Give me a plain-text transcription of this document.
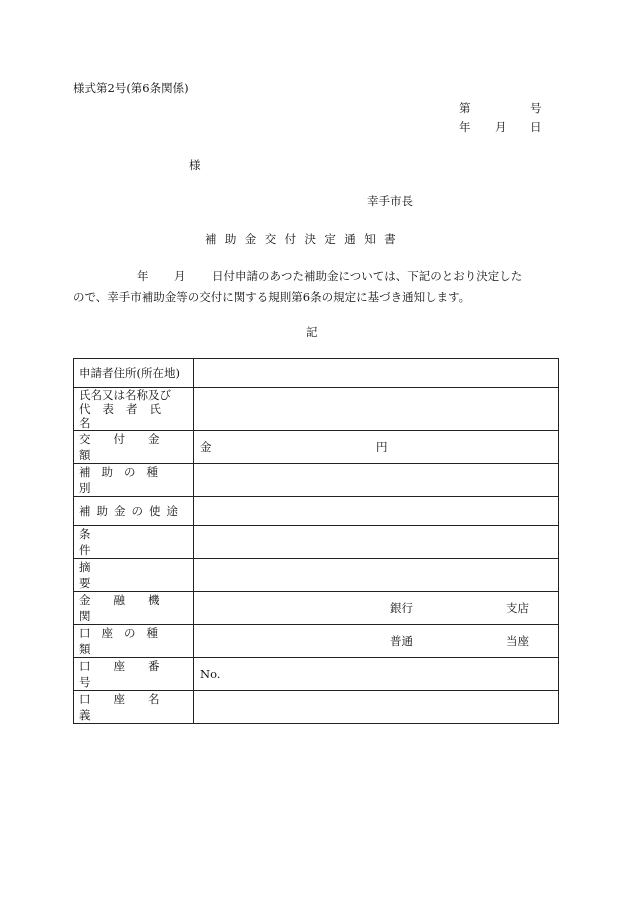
様式第2号(第6条関係)
第	号
年 月 日
様
幸手市長
補助金交付決定通知書
年 月 日付申請のあつた補助金については、下記のとおり決定した
ので、幸手市補助金等の交付に関する規則第6条の規定に基づき通知します。
記
申請者住所(所在地)	

氏名又は名称及び
代表者氏名	

交付金額	金 円

補助の種別	
補助金の使途	
条件	
摘要	
金融機関	銀行 支店

口座の種類	普通 当座

口座番号	No.

口座名義	
